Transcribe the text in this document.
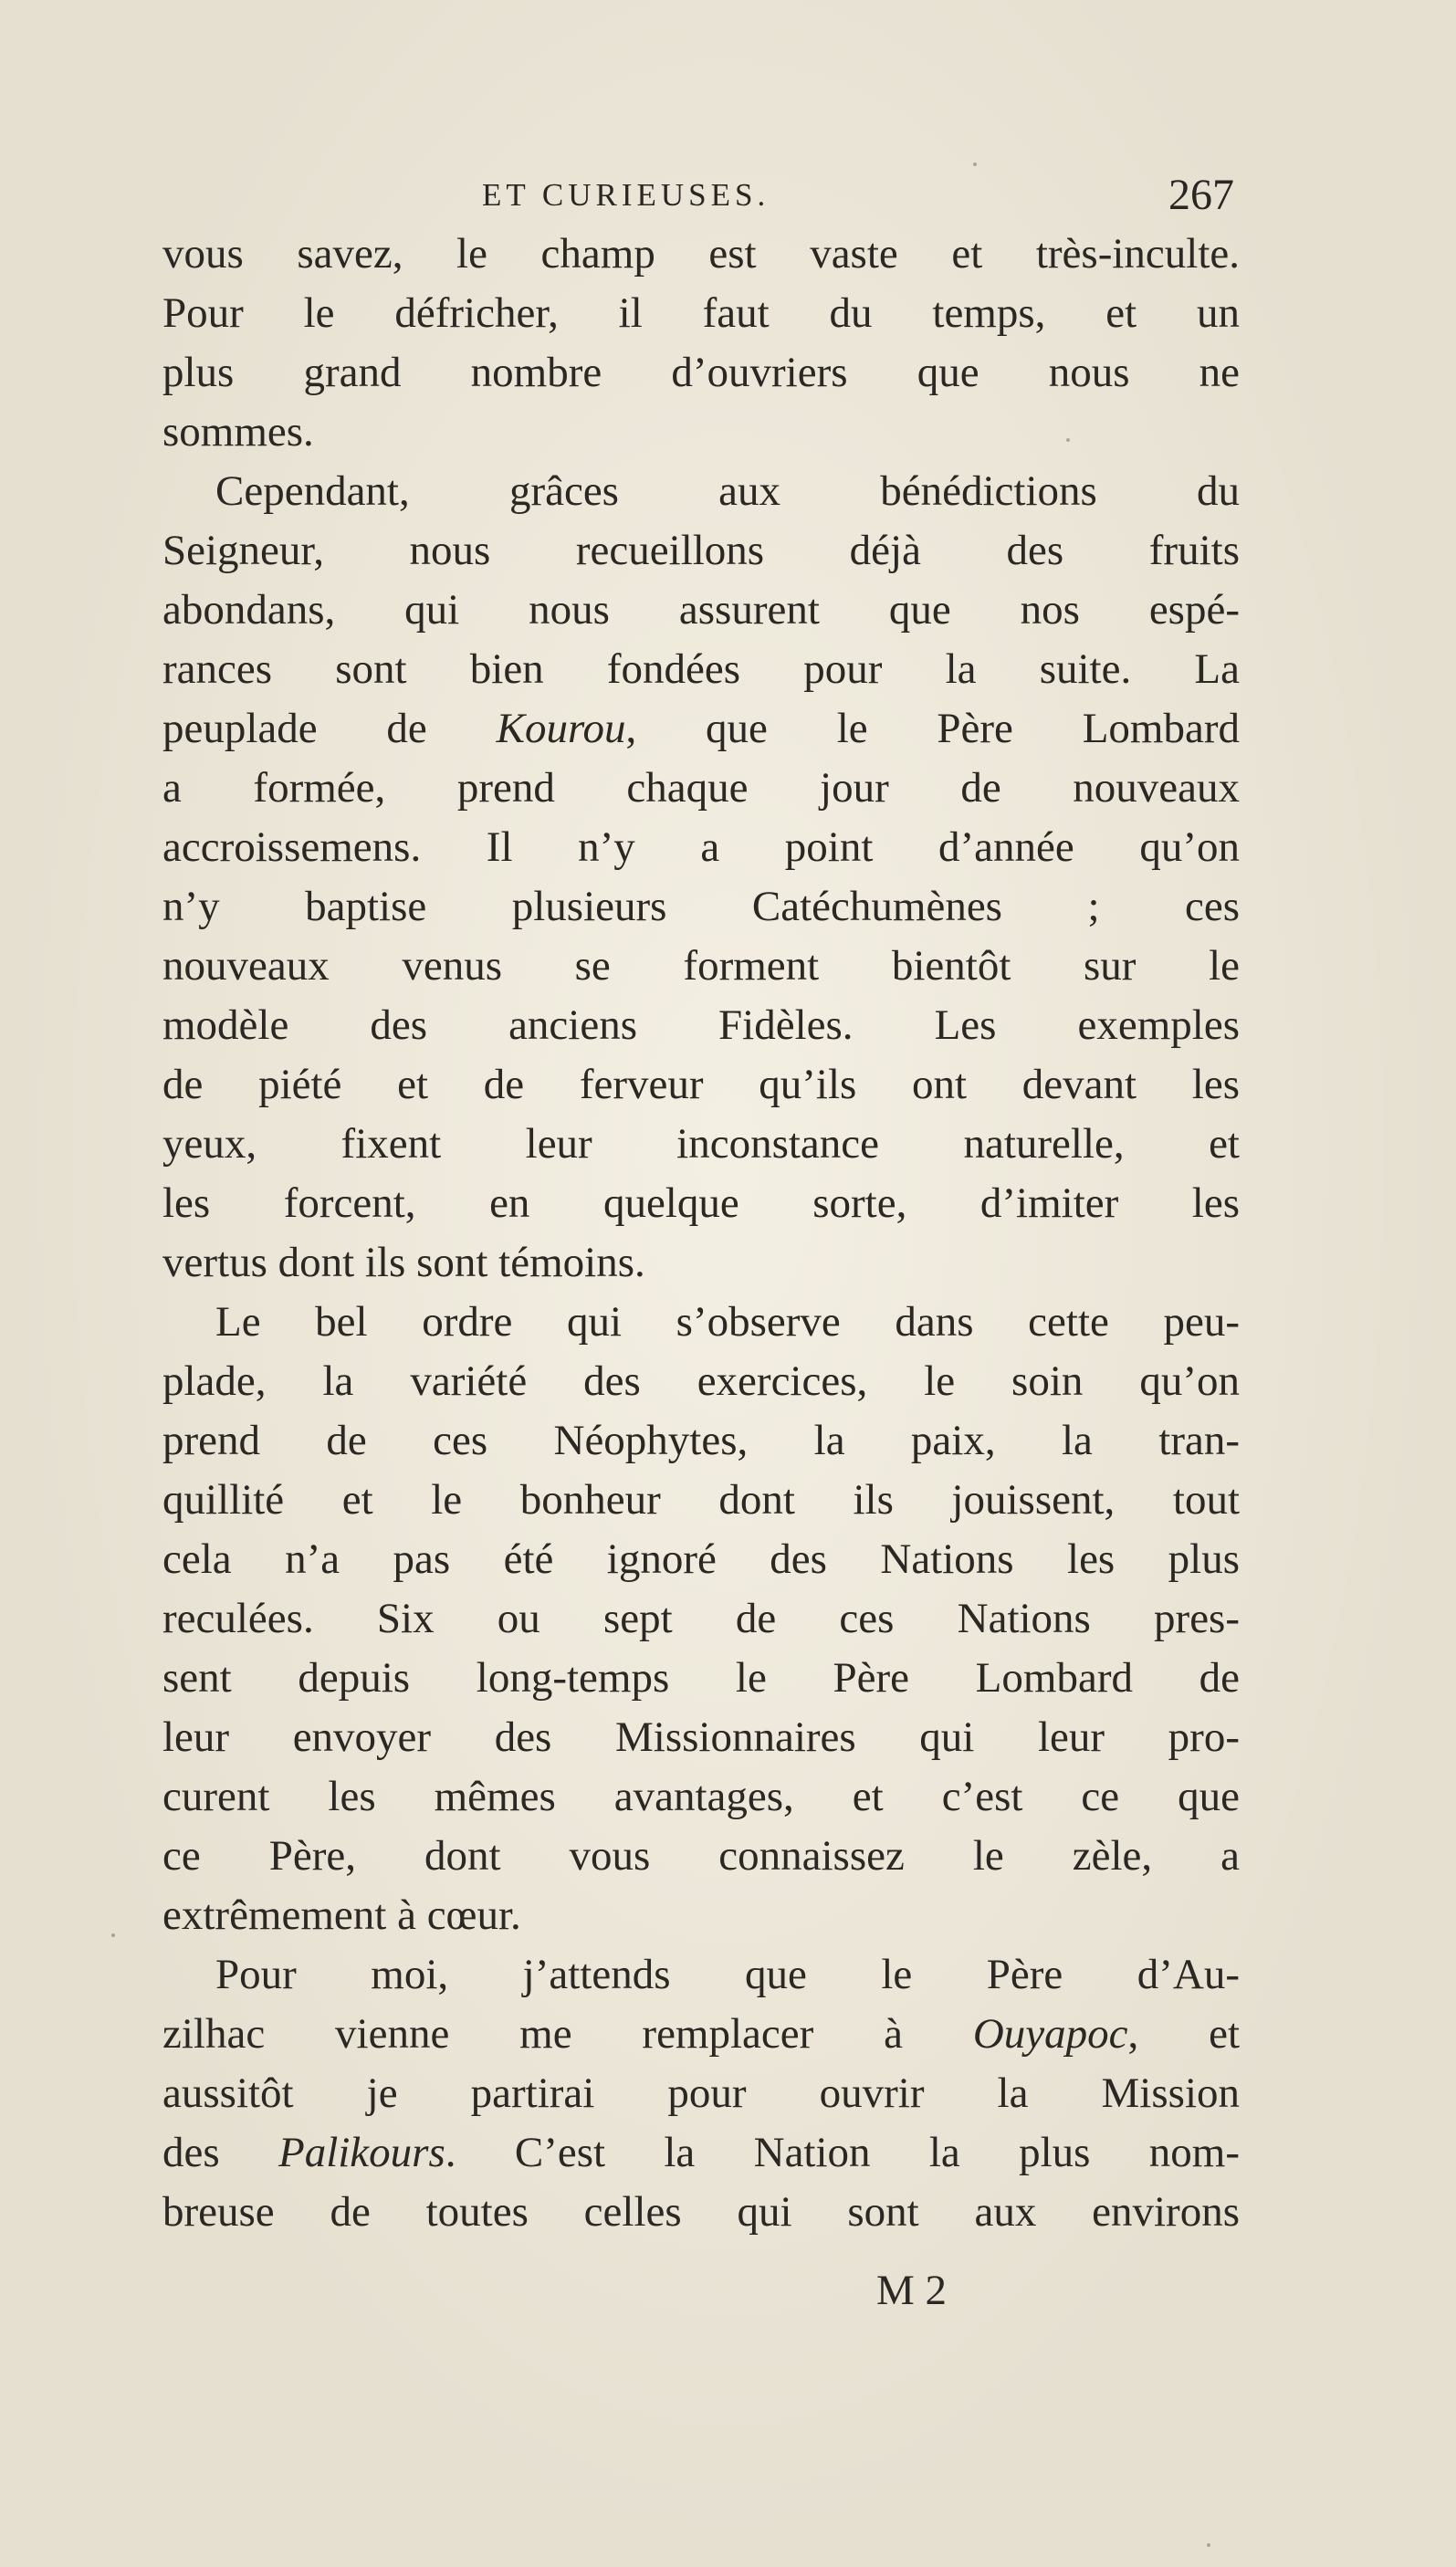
ET CURIEUSES.	267
vous savez, le champ est vaste et très-inculte.
Pour le défricher, il faut du temps, et un
plus grand nombre d’ouvriers que nous ne
sommes.
Cependant, grâces aux bénédictions du
Seigneur, nous recueillons déjà des fruits
abondans, qui nous assurent que nos espé-
rances sont bien fondées pour la suite. La
peuplade de Kourou, que le Père Lombard
a formée, prend chaque jour de nouveaux
accroissemens. Il n’y a point d’année qu’on
n’y baptise plusieurs Catéchumènes ; ces
nouveaux venus se forment bientôt sur le
modèle des anciens Fidèles. Les exemples
de piété et de ferveur qu’ils ont devant les
yeux, fixent leur inconstance naturelle, et
les forcent, en quelque sorte, d’imiter les
vertus dont ils sont témoins.
Le bel ordre qui s’observe dans cette peu-
plade, la variété des exercices, le soin qu’on
prend de ces Néophytes, la paix, la tran-
quillité et le bonheur dont ils jouissent, tout
cela n’a pas été ignoré des Nations les plus
reculées. Six ou sept de ces Nations pres-
sent depuis long-temps le Père Lombard de
leur envoyer des Missionnaires qui leur pro-
curent les mêmes avantages, et c’est ce que
ce Père, dont vous connaissez le zèle, a
extrêmement à cœur.
Pour moi, j’attends que le Père d’Au-
zilhac vienne me remplacer à Ouyapoc, et
aussitôt je partirai pour ouvrir la Mission
des Palikours. C’est la Nation la plus nom-
breuse de toutes celles qui sont aux environs
M 2
